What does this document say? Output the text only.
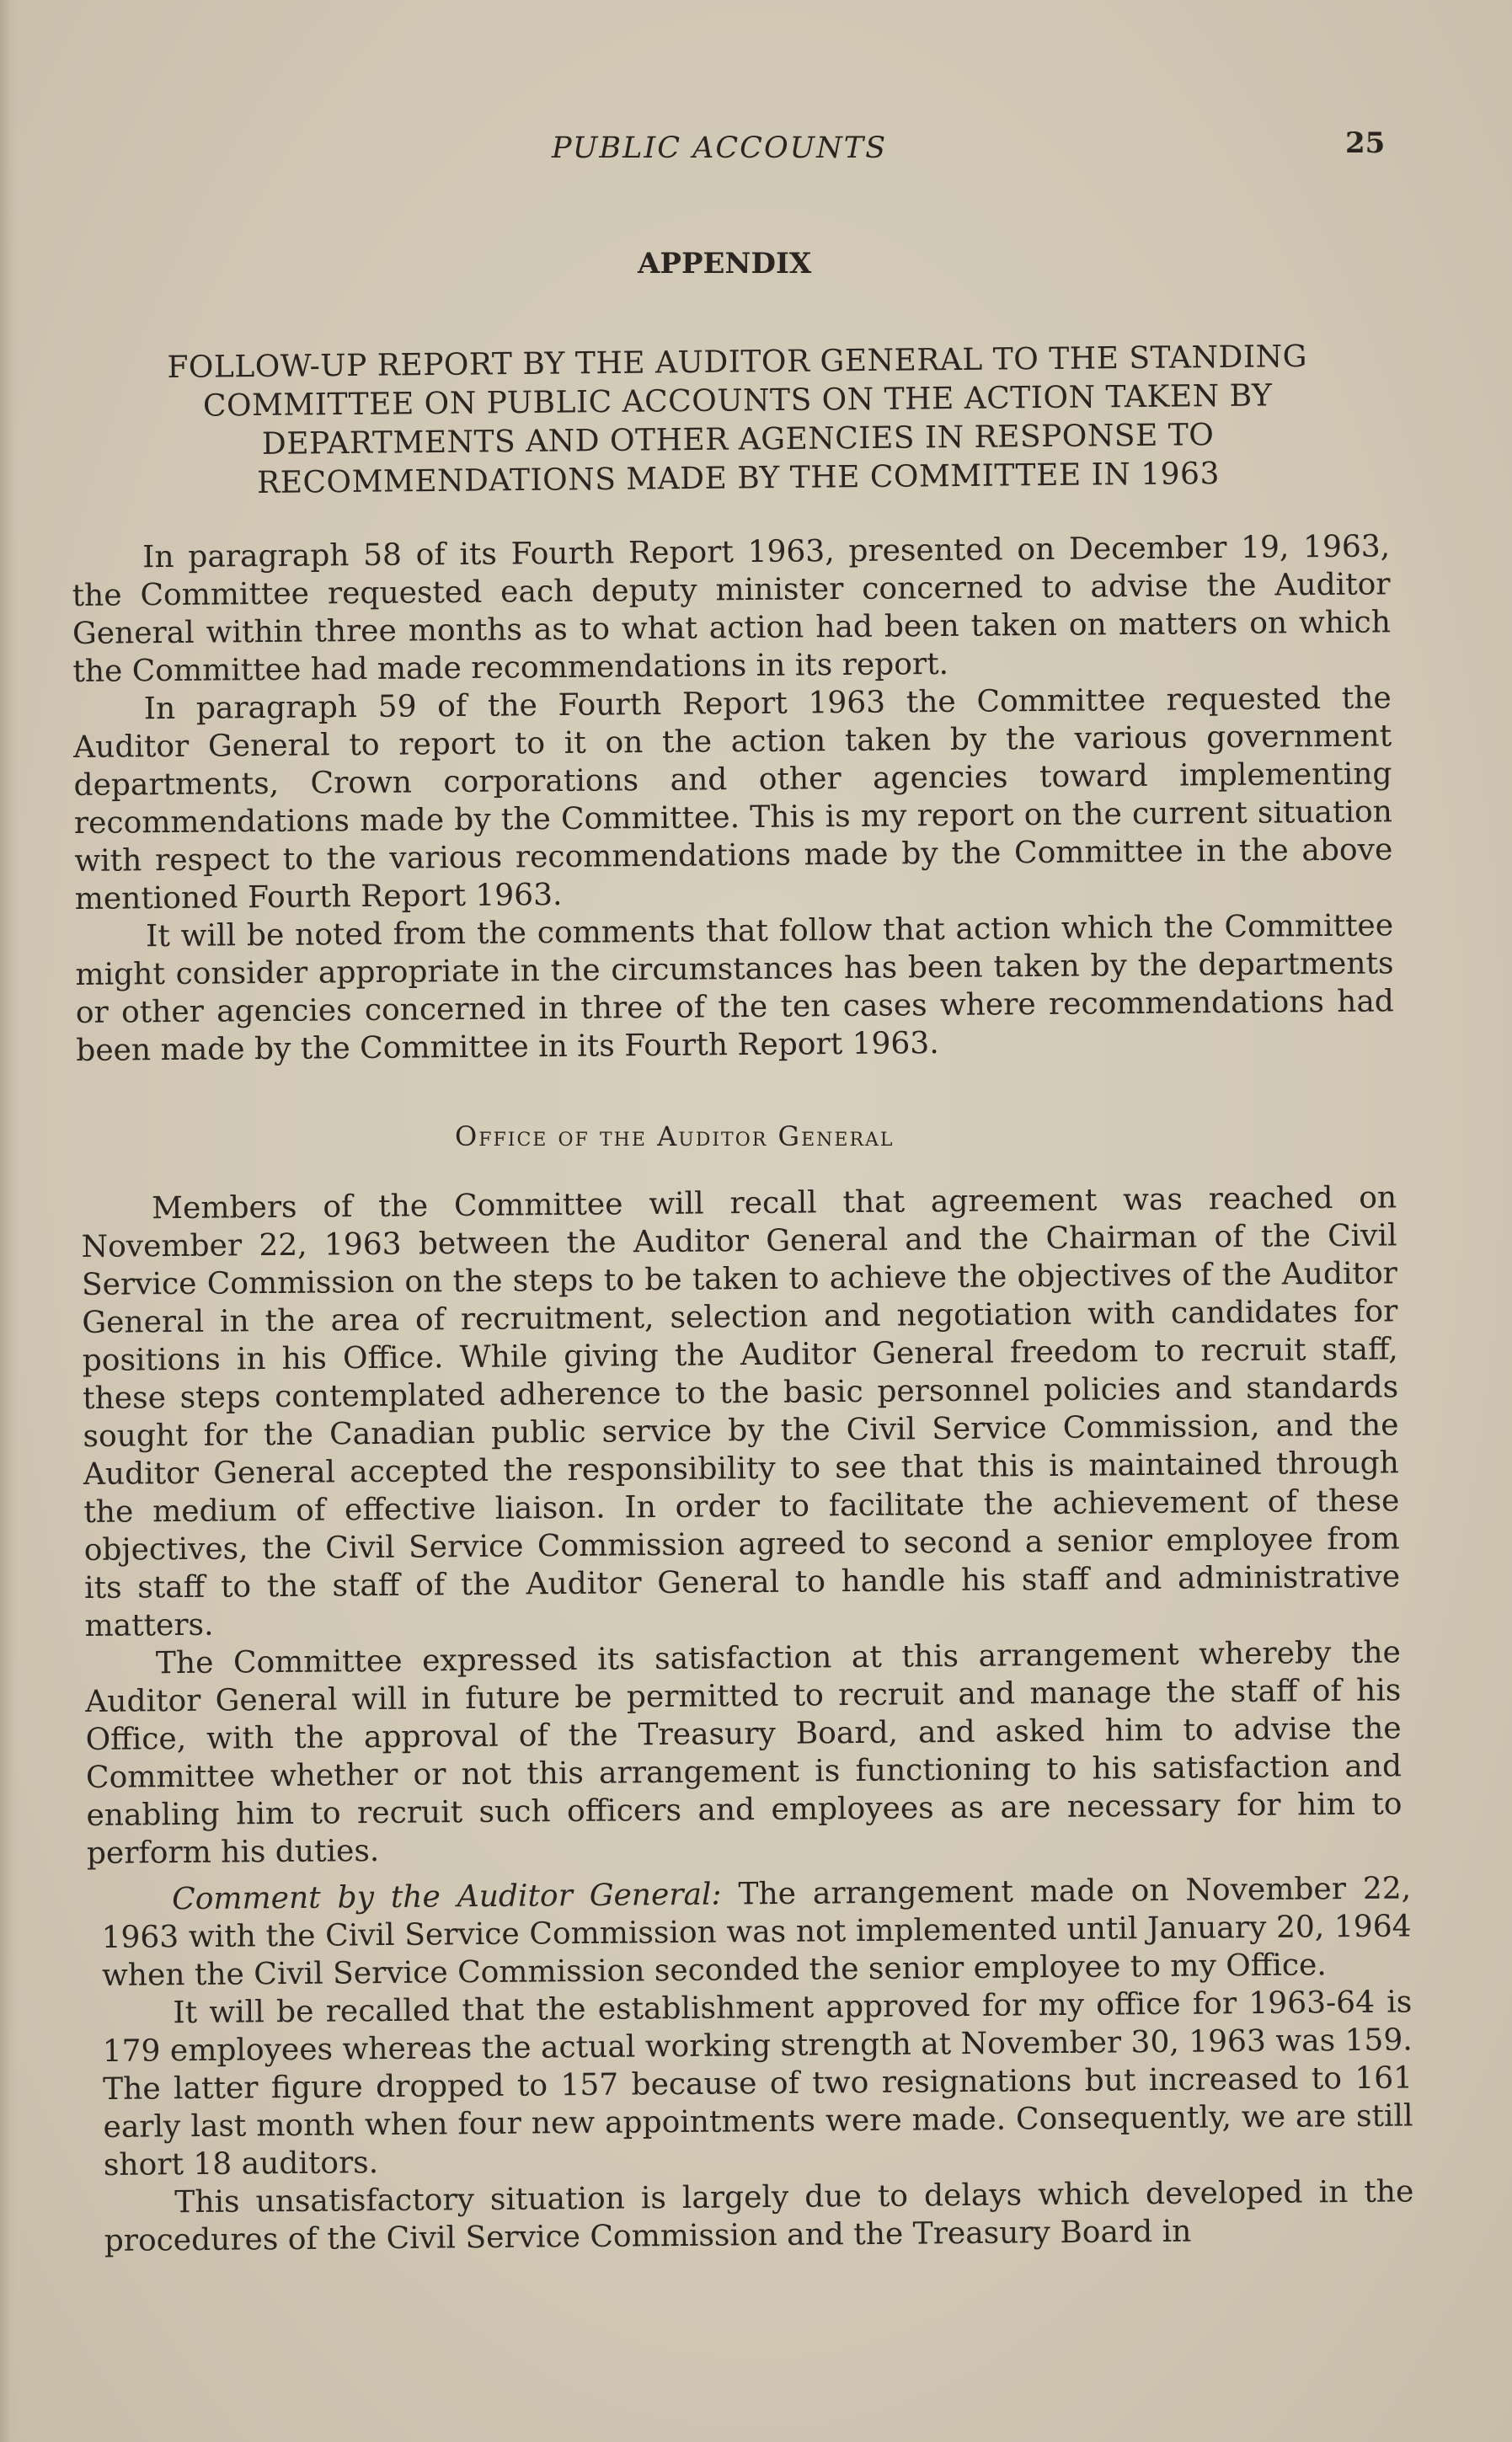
PUBLIC ACCOUNTS	25
APPENDIX
FOLLOW-UP REPORT BY THE AUDITOR GENERAL TO THE STANDING COMMITTEE ON PUBLIC ACCOUNTS ON THE ACTION TAKEN BY DEPARTMENTS AND OTHER AGENCIES IN RESPONSE TO RECOMMENDATIONS MADE BY THE COMMITTEE IN 1963

In paragraph 58 of its Fourth Report 1963, presented on December 19, 1963, the Committee requested each deputy minister concerned to advise the Auditor General within three months as to what action had been taken on matters on which the Committee had made recommendations in its report.

In paragraph 59 of the Fourth Report 1963 the Committee requested the Auditor General to report to it on the action taken by the various government departments, Crown corporations and other agencies toward implementing recommendations made by the Committee. This is my report on the current situation with respect to the various recommendations made by the Committee in the above mentioned Fourth Report 1963.

It will be noted from the comments that follow that action which the Committee might consider appropriate in the circumstances has been taken by the departments or other agencies concerned in three of the ten cases where recommendations had been made by the Committee in its Fourth Report 1963.

Office of the Auditor General

Members of the Committee will recall that agreement was reached on November 22, 1963 between the Auditor General and the Chairman of the Civil Service Commission on the steps to be taken to achieve the objectives of the Auditor General in the area of recruitment, selection and negotiation with candidates for positions in his Office. While giving the Auditor General freedom to recruit staff, these steps contemplated adherence to the basic personnel policies and standards sought for the Canadian public service by the Civil Service Commission, and the Auditor General accepted the responsibility to see that this is maintained through the medium of effective liaison. In order to facilitate the achievement of these objectives, the Civil Service Commission agreed to second a senior employee from its staff to the staff of the Auditor General to handle his staff and administrative matters.

The Committee expressed its satisfaction at this arrangement whereby the Auditor General will in future be permitted to recruit and manage the staff of his Office, with the approval of the Treasury Board, and asked him to advise the Committee whether or not this arrangement is functioning to his satisfaction and enabling him to recruit such officers and employees as are necessary for him to perform his duties.

Comment by the Auditor General: The arrangement made on November 22, 1963 with the Civil Service Commission was not implemented until January 20, 1964 when the Civil Service Commission seconded the senior employee to my Office.

It will be recalled that the establishment approved for my office for 1963-64 is 179 employees whereas the actual working strength at November 30, 1963 was 159. The latter figure dropped to 157 because of two resignations but increased to 161 early last month when four new appointments were made. Consequently, we are still short 18 auditors.

This unsatisfactory situation is largely due to delays which developed in the procedures of the Civil Service Commission and the Treasury Board in
